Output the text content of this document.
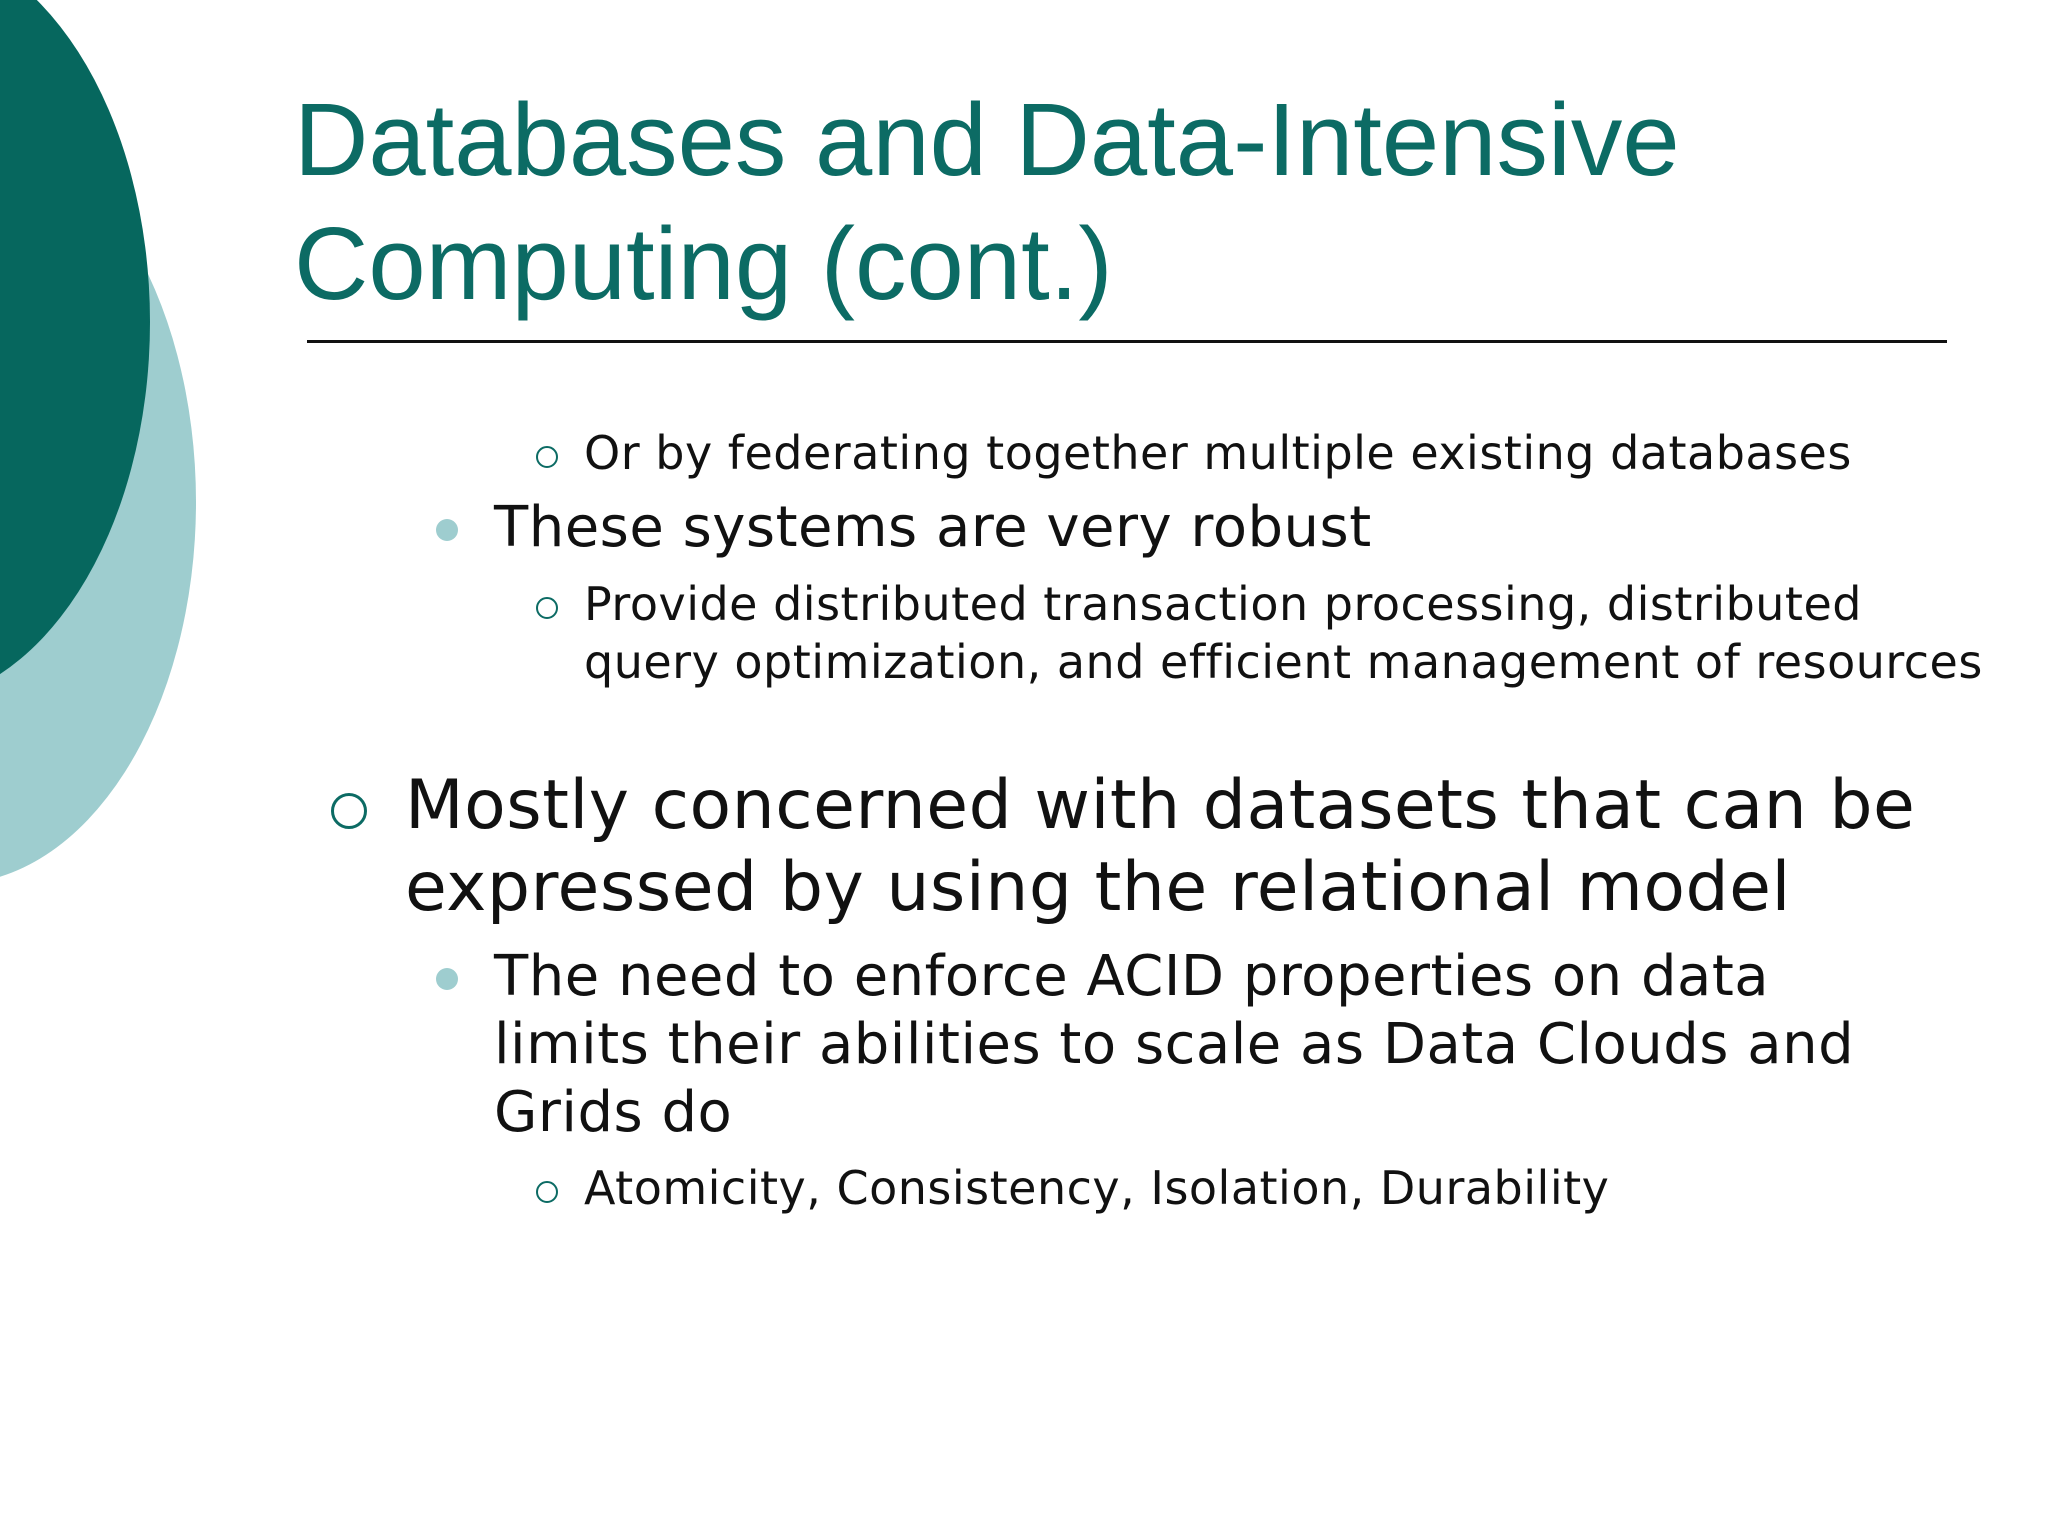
Databases and Data-Intensive Computing (cont.)
Or by federating together multiple existing databases
These systems are very robust
Provide distributed transaction processing, distributed query optimization, and efficient management of resources
Mostly concerned with datasets that can be expressed by using the relational model
The need to enforce ACID properties on data limits their abilities to scale as Data Clouds and Grids do
Atomicity, Consistency, Isolation, Durability
